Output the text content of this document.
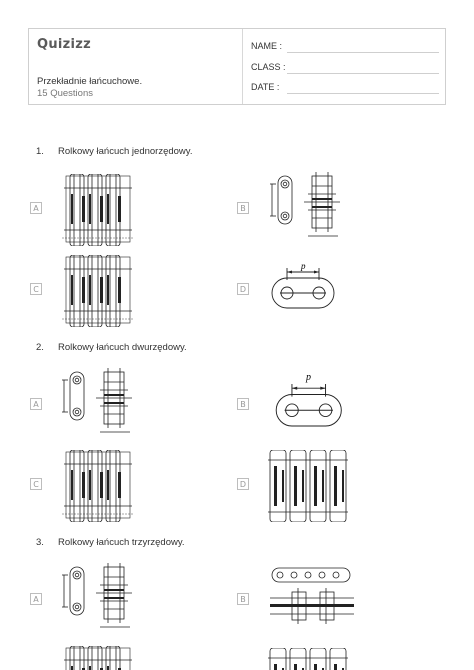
Quizizz
Przekładnie łańcuchowe.
15 Questions
NAME :
CLASS :
DATE :
1. Rolkowy łańcuch jednorzędowy.
A	B
C	D
p
2. Rolkowy łańcuch dwurzędowy.
A	B
p
C	D
3. Rolkowy łańcuch trzyrzędowy.
A	B
